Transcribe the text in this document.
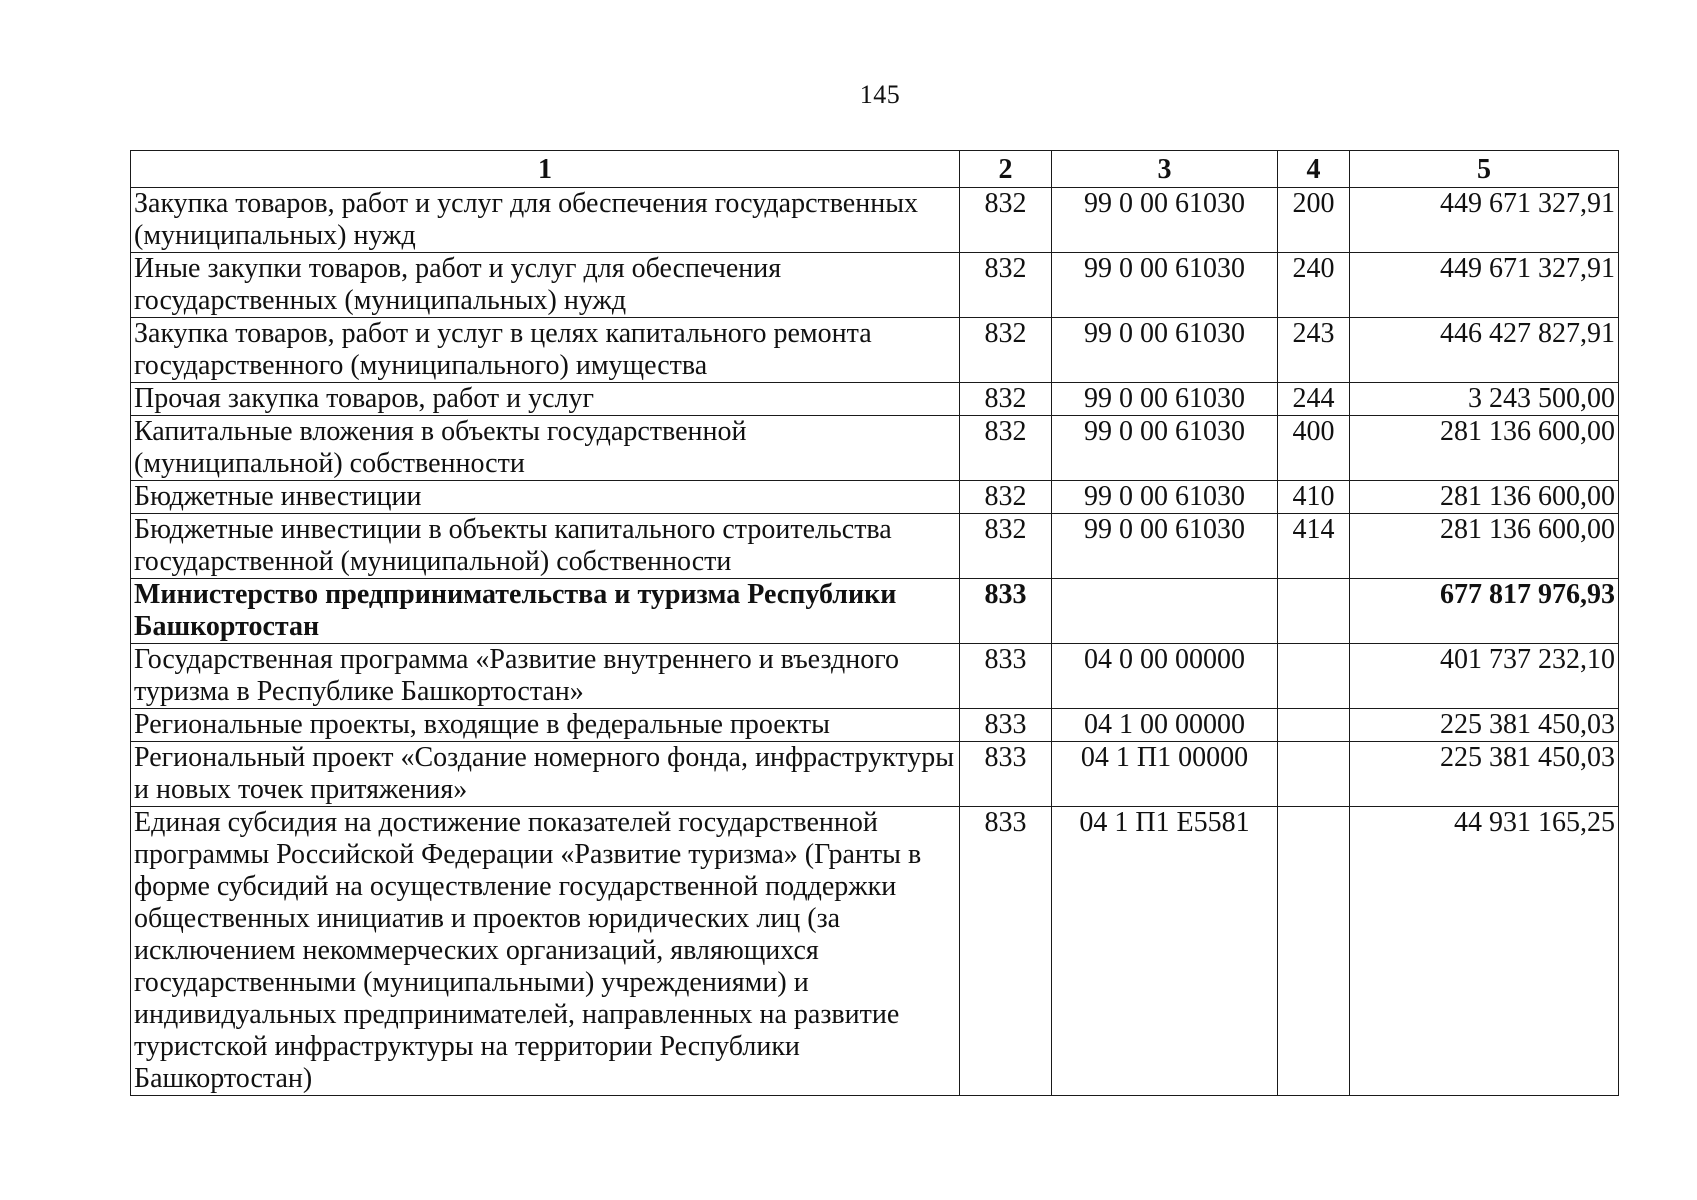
145
1	2	3	4	5
Закупка товаров, работ и услуг для обеспечения государственных (муниципальных) нужд	832	99 0 00 61030	200	449 671 327,91
Иные закупки товаров, работ и услуг для обеспечения государственных (муниципальных) нужд	832	99 0 00 61030	240	449 671 327,91
Закупка товаров, работ и услуг в целях капитального ремонта государственного (муниципального) имущества	832	99 0 00 61030	243	446 427 827,91
Прочая закупка товаров, работ и услуг	832	99 0 00 61030	244	3 243 500,00
Капитальные вложения в объекты государственной (муниципальной) собственности	832	99 0 00 61030	400	281 136 600,00
Бюджетные инвестиции	832	99 0 00 61030	410	281 136 600,00
Бюджетные инвестиции в объекты капитального строительства государственной (муниципальной) собственности	832	99 0 00 61030	414	281 136 600,00
Министерство предпринимательства и туризма Республики Башкортостан	833			677 817 976,93
Государственная программа «Развитие внутреннего и въездного туризма в Республике Башкортостан»	833	04 0 00 00000		401 737 232,10
Региональные проекты, входящие в федеральные проекты	833	04 1 00 00000		225 381 450,03
Региональный проект «Создание номерного фонда, инфраструктуры и новых точек притяжения»	833	04 1 П1 00000		225 381 450,03
Единая субсидия на достижение показателей государственной программы Российской Федерации «Развитие туризма» (Гранты в форме субсидий на осуществление государственной поддержки общественных инициатив и проектов юридических лиц (за исключением некоммерческих организаций, являющихся государственными (муниципальными) учреждениями) и индивидуальных предпринимателей, направленных на развитие туристской инфраструктуры на территории Республики Башкортостан)	833	04 1 П1 Е5581		44 931 165,25
